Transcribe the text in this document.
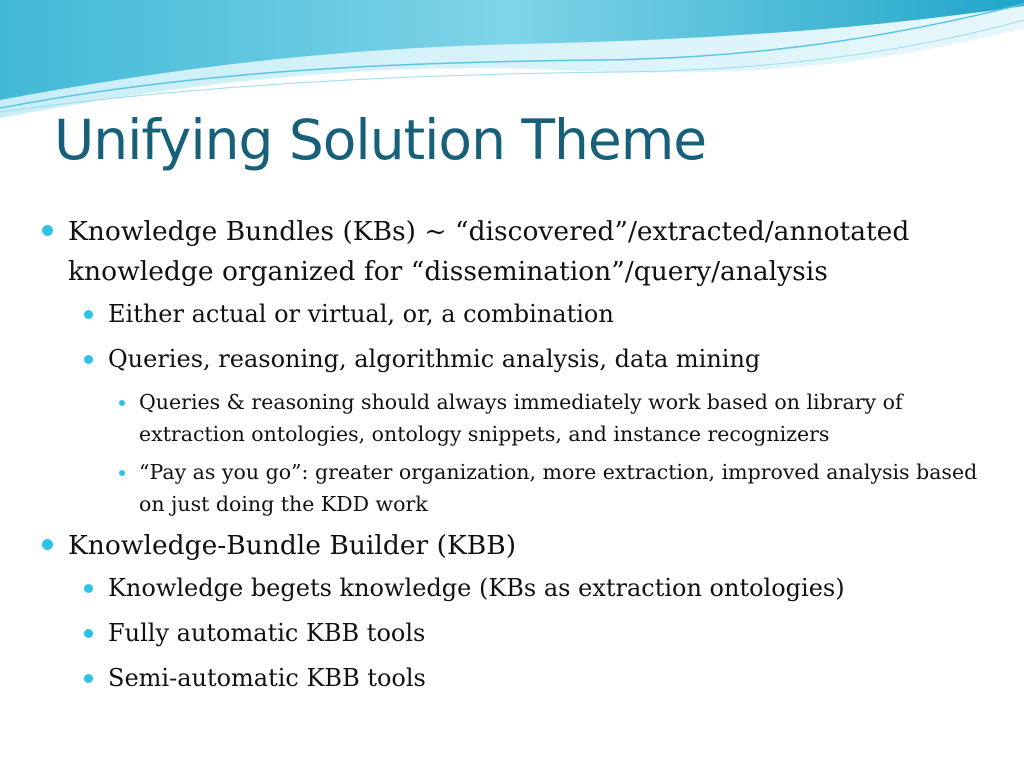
Unifying Solution Theme
Knowledge Bundles (KBs) ~ “discovered”/extracted/annotated knowledge organized for “dissemination”/query/analysis
Either actual or virtual, or, a combination
Queries, reasoning, algorithmic analysis, data mining
Queries & reasoning should always immediately work based on library of extraction ontologies, ontology snippets, and instance recognizers
“Pay as you go”: greater organization, more extraction, improved analysis based on just doing the KDD work
Knowledge-Bundle Builder (KBB)
Knowledge begets knowledge (KBs as extraction ontologies)
Fully automatic KBB tools
Semi-automatic KBB tools
